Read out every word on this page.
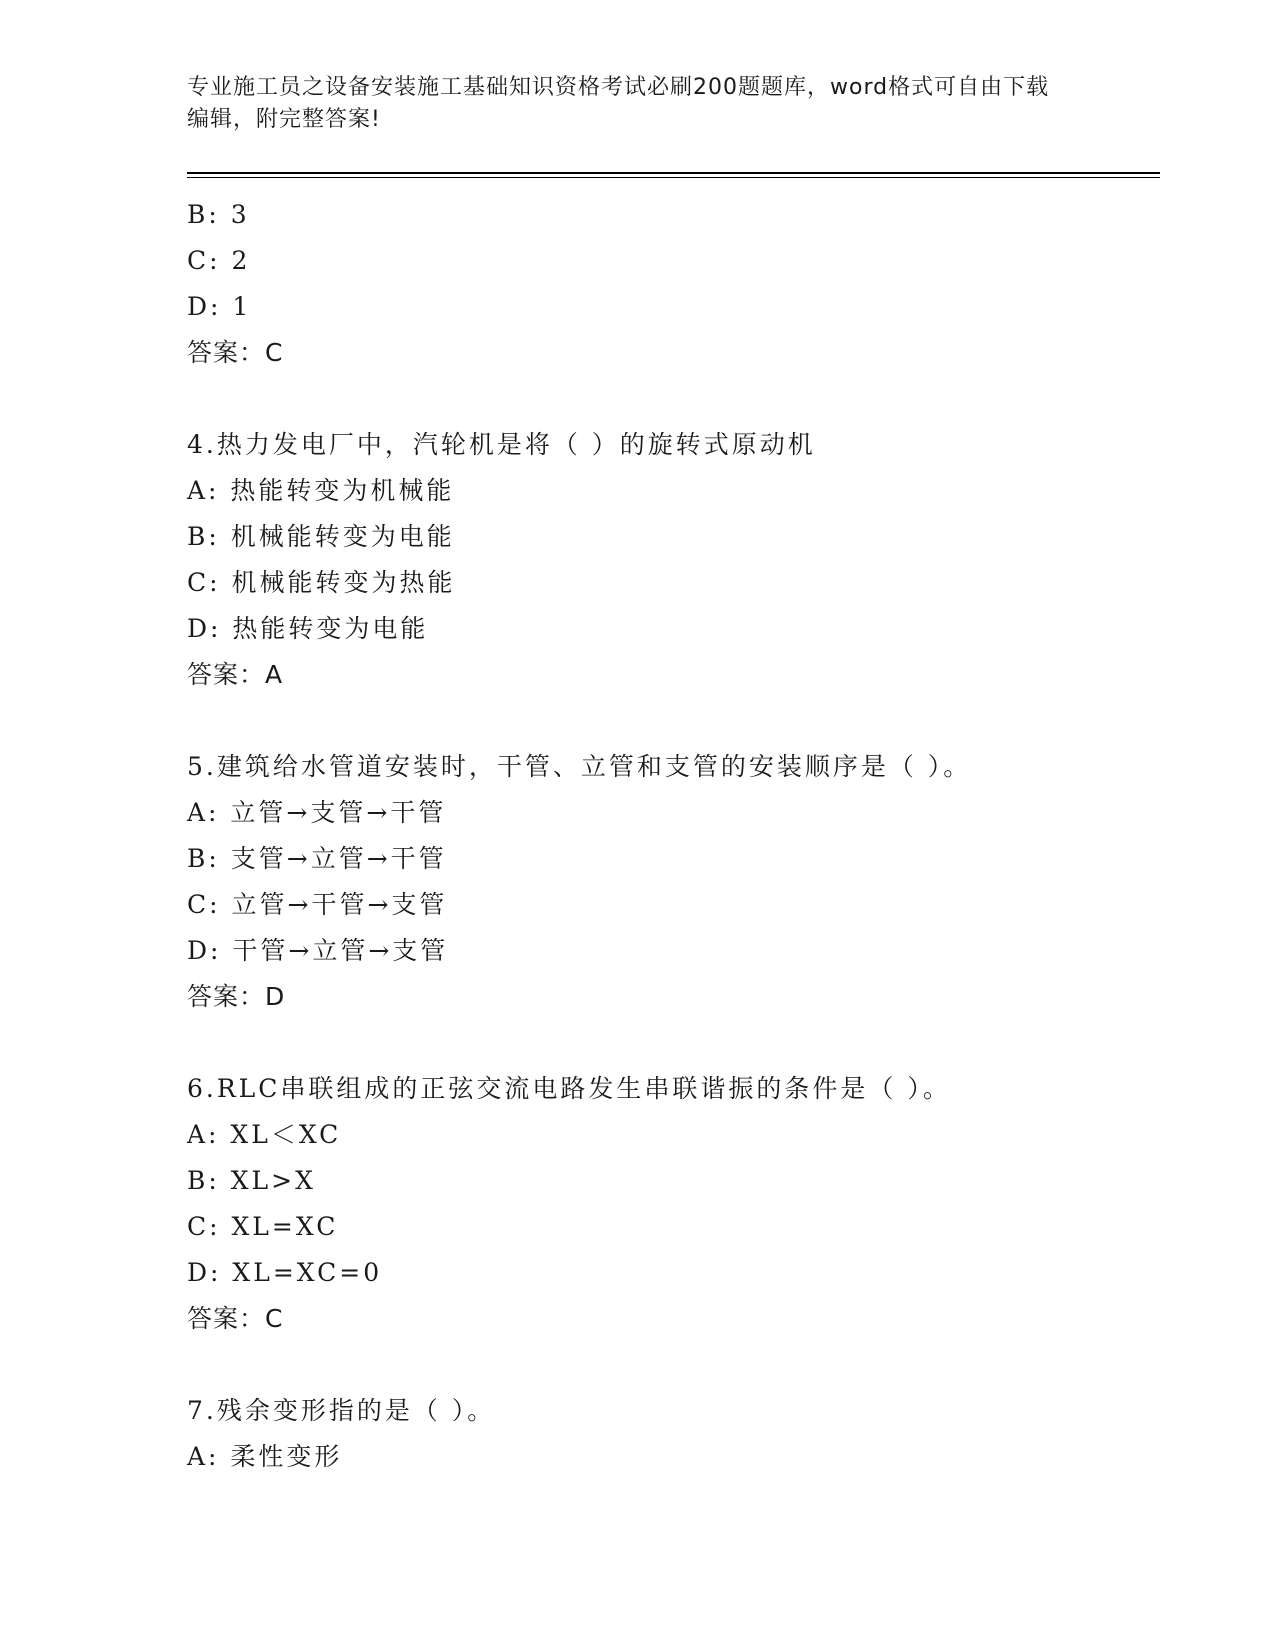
专业施工员之设备安装施工基础知识资格考试必刷200题题库，word格式可自由下载编辑，附完整答案!
B: 3
C: 2
D: 1
答案：C
4.热力发电厂中，汽轮机是将（ ）的旋转式原动机
A: 热能转变为机械能
B: 机械能转变为电能
C: 机械能转变为热能
D: 热能转变为电能
答案：A
5.建筑给水管道安装时，干管、立管和支管的安装顺序是（ ）。
A: 立管→支管→干管
B: 支管→立管→干管
C: 立管→干管→支管
D: 干管→立管→支管
答案：D
6.RLC串联组成的正弦交流电路发生串联谐振的条件是（ ）。
A: XL＜XC
B: XL>X
C: XL=XC
D: XL=XC=0
答案：C
7.残余变形指的是（ ）。
A: 柔性变形
